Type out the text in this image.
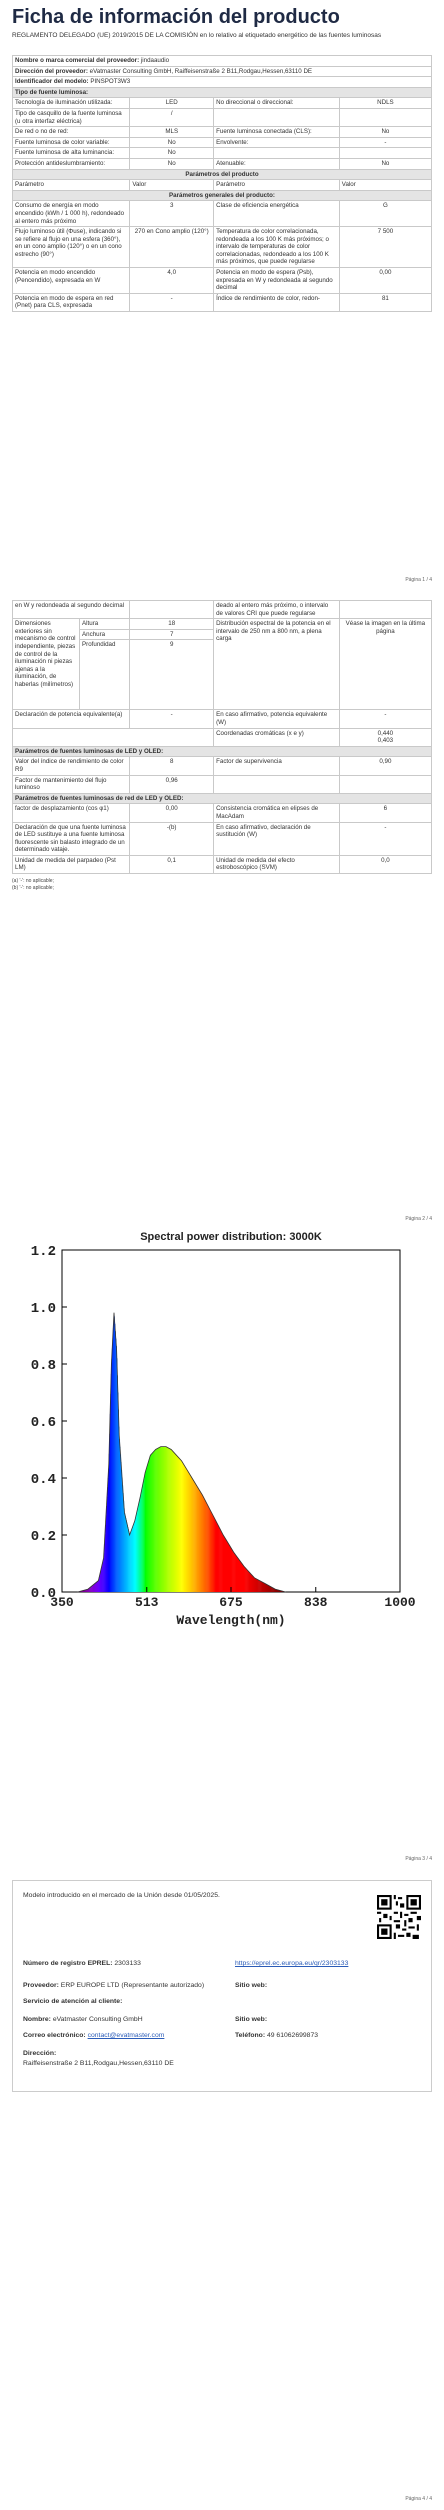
Ficha de información del producto
REGLAMENTO DELEGADO (UE) 2019/2015 DE LA COMISIÓN en lo relativo al etiquetado energético de las fuentes luminosas
Nombre o marca comercial del proveedor: jindaaudio			
Dirección del proveedor: eVatmaster Consulting GmbH, Raiffeisenstraße 2 B11,Rodgau,Hessen,63110 DE			
Identificador del modelo: PINSPOT3W3			
Tipo de fuente luminosa:			
Tecnología de iluminación utilizada:	LED	No direccional o direccional:	NDLS
Tipo de casquillo de la fuente luminosa (u otra interfaz eléctrica)	/		
De red o no de red:	MLS	Fuente luminosa conectada (CLS):	No
Fuente luminosa de color variable:	No	Envolvente:	-
Fuente luminosa de alta luminancia:	No		
Protección antideslumbramiento:	No	Atenuable:	No
Parámetros del producto			
Parámetro	Valor	Parámetro	Valor
Parámetros generales del producto:			
Consumo de energía en modo encendido (kWh / 1 000 h), redondeado al entero más próximo	3	Clase de eficiencia energética	G
Flujo luminoso útil (Φuse), indicando si se refiere al flujo en una esfera (360°), en un cono amplio (120°) o en un cono estrecho (90°)	270 en Cono amplio (120°)	Temperatura de color correlacionada, redondeada a los 100 K más próximos; o intervalo de temperaturas de color correlacionadas, redondeado a los 100 K más próximos, que puede regularse	7 500
Potencia en modo encendido (Pencendido), expresada en W	4,0	Potencia en modo de espera (Psb), expresada en W y redondeada al segundo decimal	0,00
Potencia en modo de espera en red (Pnet) para CLS, expresada	-	Índice de rendimiento de color, redon-	81
Página 1 / 4
en W y redondeada al segundo decimal			deado al entero más próximo, o intervalo de valores CRI que puede regularse	
Dimensiones exteriores sin mecanismo de control independiente, piezas de control de la iluminación ni piezas ajenas a la iluminación, de haberlas (milímetros)	Altura	18	Distribución espectral de la potencia en el intervalo de 250 nm a 800 nm, a plena carga	Véase la imagen en la última página
	Anchura	7		
	Profundidad	9		
Declaración de potencia equivalente(a)		-	En caso afirmativo, potencia equivalente (W)	-
			Coordenadas cromáticas (x e y)	0,440
0,403
Parámetros de fuentes luminosas de LED y OLED:				
Valor del índice de rendimiento de color R9		8	Factor de supervivencia	0,90
Factor de mantenimiento del flujo luminoso		0,96		
Parámetros de fuentes luminosas de red de LED y OLED:				
factor de desplazamiento (cos φ1)		0,00	Consistencia cromática en elipses de MacAdam	6
Declaración de que una fuente luminosa de LED sustituye a una fuente luminosa fluorescente sin balasto integrado de un determinado vataje.		-(b)	En caso afirmativo, declaración de sustitución (W)	-
Unidad de medida del parpadeo (Pst LM)		0,1	Unidad de medida del efecto estroboscópico (SVM)	0,0
(a) '-': no aplicable;
(b) '-': no aplicable;
Página 2 / 4
Spectral power distribution: 3000K
0.0
0.2
0.4
0.6
0.8
1.0
1.2
350	513	675	838	1000
Wavelength(nm)
Página 3 / 4
Modelo introducido en el mercado de la Unión desde 01/05/2025.
Número de registro EPREL: 2303133	https://eprel.ec.europa.eu/qr/2303133
Proveedor: ERP EUROPE LTD (Representante autorizado)	Sitio web:
Servicio de atención al cliente:
Nombre: eVatmaster Consulting GmbH	Sitio web:
Correo electrónico: contact@evatmaster.com	Teléfono: 49 61062699873
Dirección:
Raiffeisenstraße 2 B11,Rodgau,Hessen,63110 DE
Página 4 / 4
